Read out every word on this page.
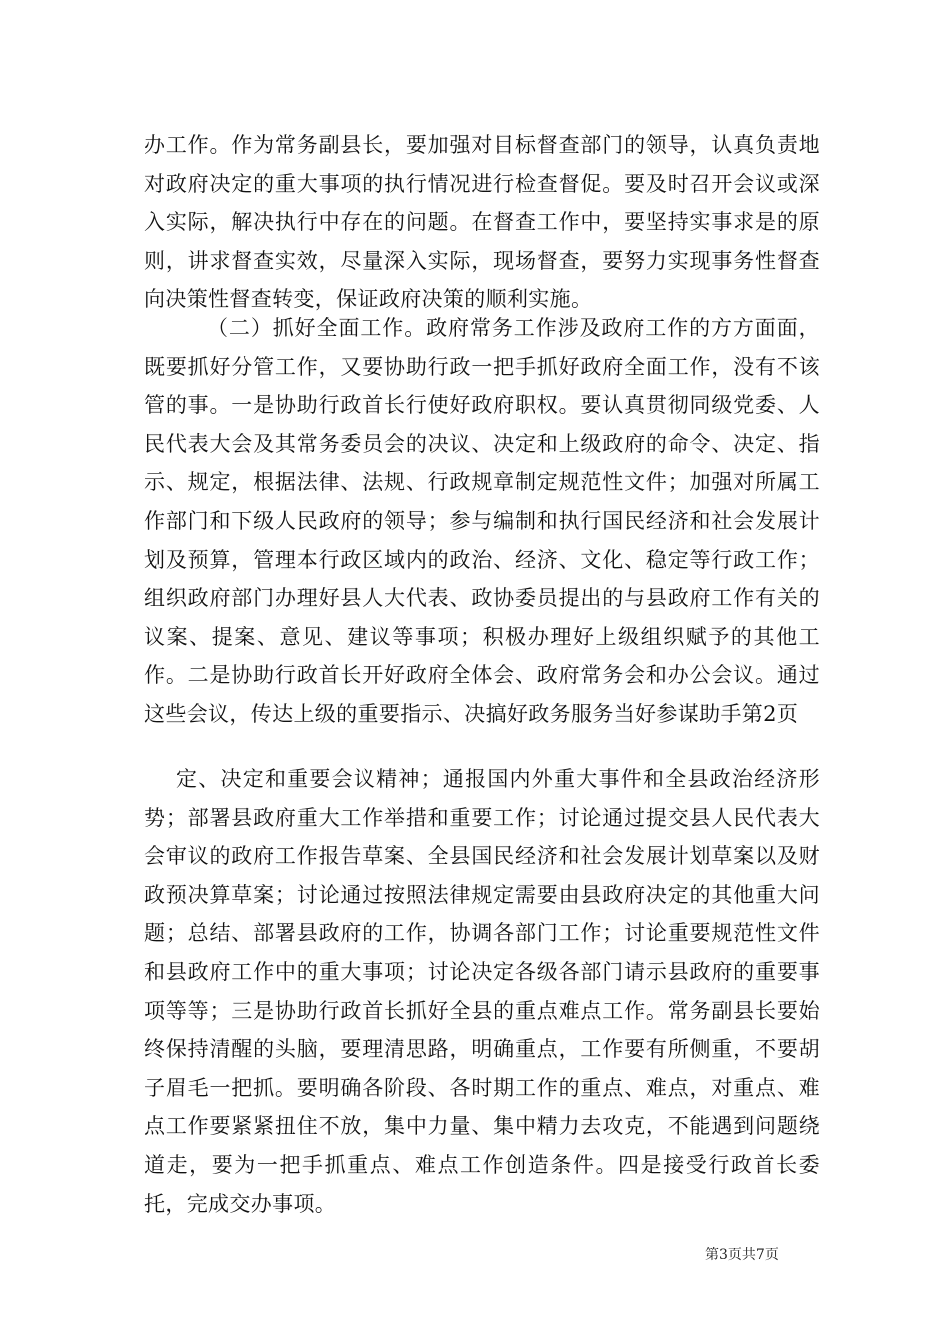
办工作。作为常务副县长，要加强对目标督查部门的领导，认真负责地对政府决定的重大事项的执行情况进行检查督促。要及时召开会议或深入实际，解决执行中存在的问题。在督查工作中，要坚持实事求是的原则，讲求督查实效，尽量深入实际，现场督查，要努力实现事务性督查向决策性督查转变，保证政府决策的顺利实施。

（二）抓好全面工作。政府常务工作涉及政府工作的方方面面，既要抓好分管工作，又要协助行政一把手抓好政府全面工作，没有不该管的事。一是协助行政首长行使好政府职权。要认真贯彻同级党委、人民代表大会及其常务委员会的决议、决定和上级政府的命令、决定、指示、规定，根据法律、法规、行政规章制定规范性文件；加强对所属工作部门和下级人民政府的领导；参与编制和执行国民经济和社会发展计划及预算，管理本行政区域内的政治、经济、文化、稳定等行政工作；组织政府部门办理好县人大代表、政协委员提出的与县政府工作有关的议案、提案、意见、建议等事项；积极办理好上级组织赋予的其他工作。二是协助行政首长开好政府全体会、政府常务会和办公会议。通过这些会议，传达上级的重要指示、决搞好政务服务当好参谋助手第2页

定、决定和重要会议精神；通报国内外重大事件和全县政治经济形势；部署县政府重大工作举措和重要工作；讨论通过提交县人民代表大会审议的政府工作报告草案、全县国民经济和社会发展计划草案以及财政预决算草案；讨论通过按照法律规定需要由县政府决定的其他重大问题；总结、部署县政府的工作，协调各部门工作；讨论重要规范性文件和县政府工作中的重大事项；讨论决定各级各部门请示县政府的重要事项等等；三是协助行政首长抓好全县的重点难点工作。常务副县长要始终保持清醒的头脑，要理清思路，明确重点，工作要有所侧重，不要胡子眉毛一把抓。要明确各阶段、各时期工作的重点、难点，对重点、难点工作要紧紧扭住不放，集中力量、集中精力去攻克，不能遇到问题绕道走，要为一把手抓重点、难点工作创造条件。四是接受行政首长委托，完成交办事项。

第3页共7页
